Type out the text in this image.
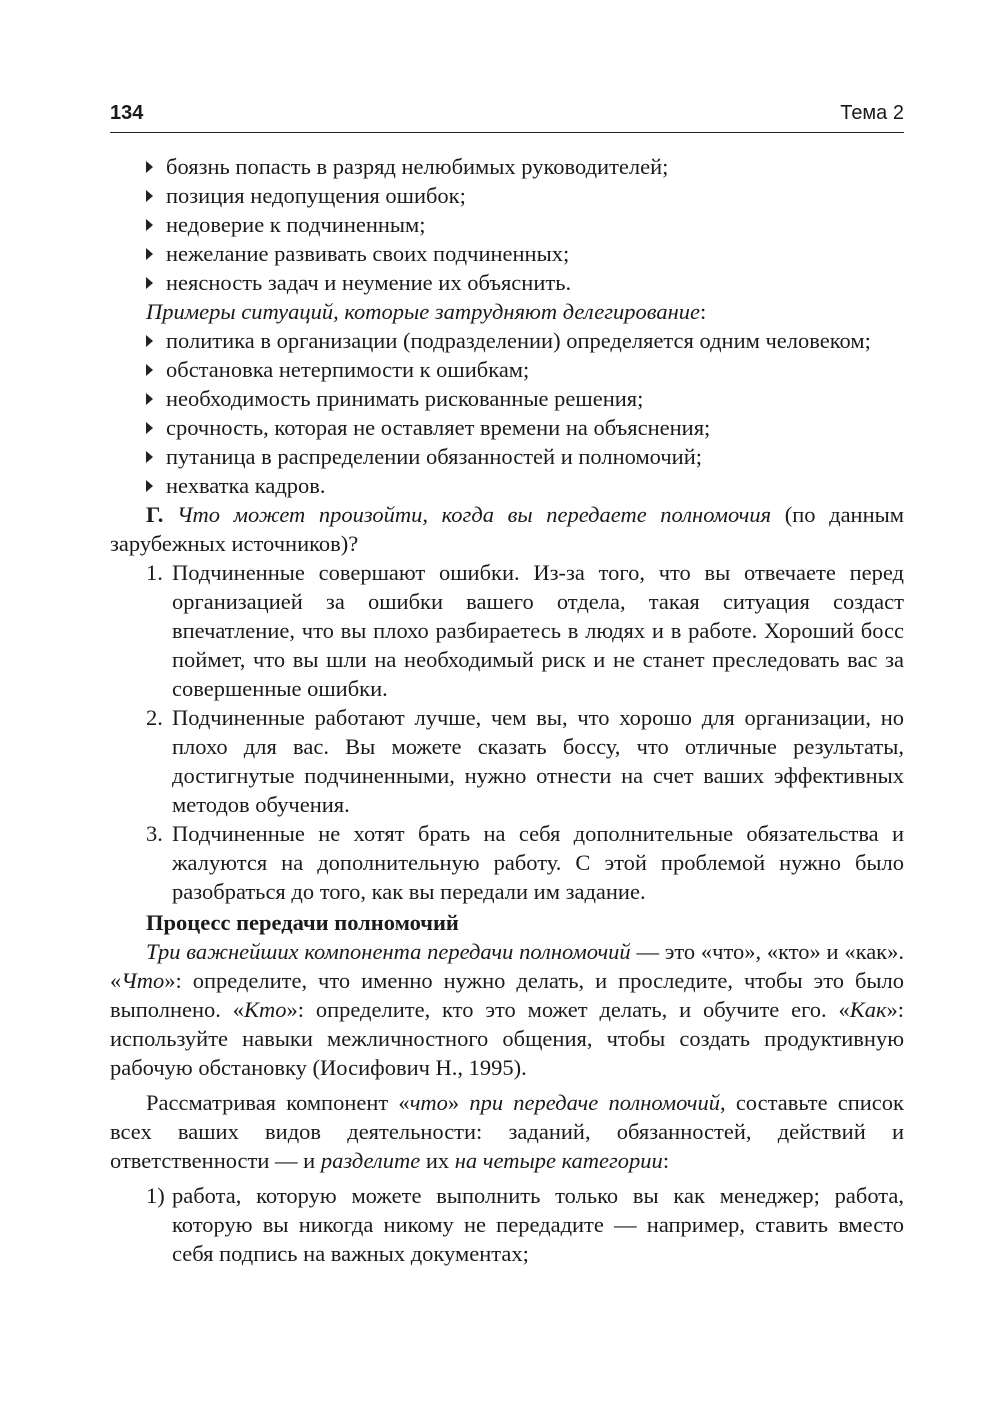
134	Тема 2
боязнь попасть в разряд нелюбимых руководителей;
позиция недопущения ошибок;
недоверие к подчиненным;
нежелание развивать своих подчиненных;
неясность задач и неумение их объяснить.

Примеры ситуаций, которые затрудняют делегирование:

политика в организации (подразделении) определяется одним человеком;
обстановка нетерпимости к ошибкам;
необходимость принимать рискованные решения;
срочность, которая не оставляет времени на объяснения;
путаница в распределении обязанностей и полномочий;
нехватка кадров.

Г. Что может произойти, когда вы передаете полномочия (по данным зарубежных источников)?

1. Подчиненные совершают ошибки. Из-за того, что вы отвечаете перед организацией за ошибки вашего отдела, такая ситуация создаст впечатление, что вы плохо разбираетесь в людях и в работе. Хороший босс поймет, что вы шли на необходимый риск и не станет преследовать вас за совершенные ошибки.
2. Подчиненные работают лучше, чем вы, что хорошо для организации, но плохо для вас. Вы можете сказать боссу, что отличные результаты, достигнутые подчиненными, нужно отнести на счет ваших эффективных методов обучения.
3. Подчиненные не хотят брать на себя дополнительные обязательства и жалуются на дополнительную работу. С этой проблемой нужно было разобраться до того, как вы передали им задание.

Процесс передачи полномочий

Три важнейших компонента передачи полномочий — это «что», «кто» и «как». «Что»: определите, что именно нужно делать, и проследите, чтобы это было выполнено. «Кто»: определите, кто это может делать, и обучите его. «Как»: используйте навыки межличностного общения, чтобы создать продуктивную рабочую обстановку (Иосифович Н., 1995).

Рассматривая компонент «что» при передаче полномочий, составьте список всех ваших видов деятельности: заданий, обязанностей, действий и ответственности — и разделите их на четыре категории:

1) работа, которую можете выполнить только вы как менеджер; работа, которую вы никогда никому не передадите — например, ставить вместо себя подпись на важных документах;
